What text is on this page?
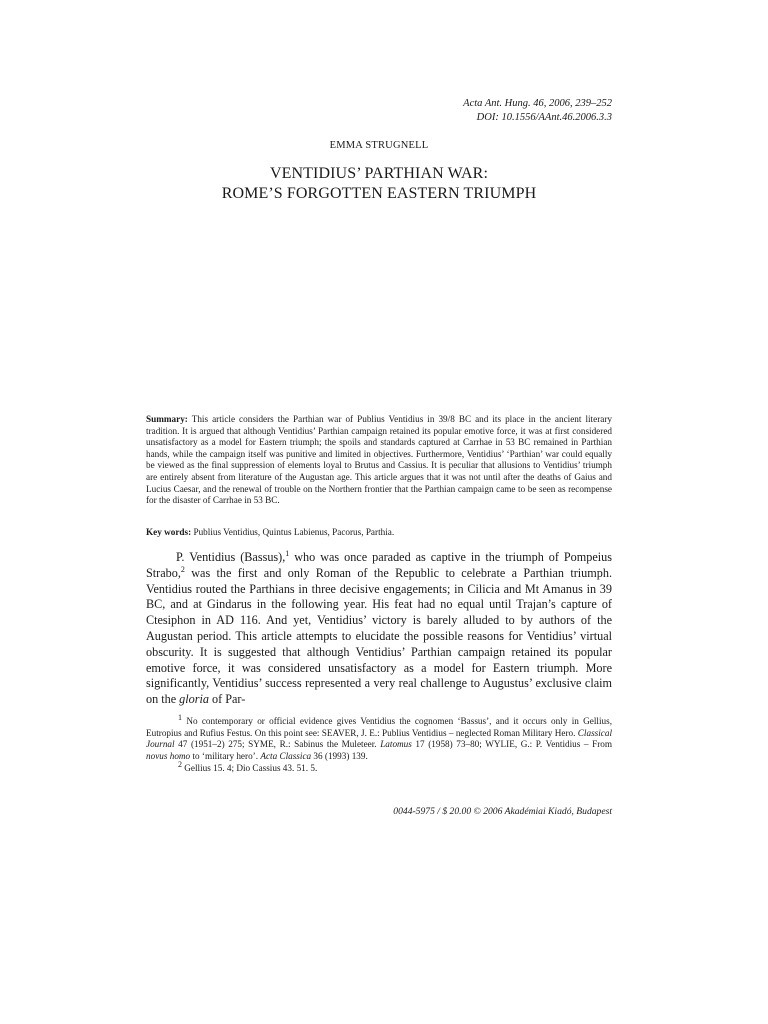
Acta Ant. Hung. 46, 2006, 239–252
DOI: 10.1556/AAnt.46.2006.3.3
EMMA STRUGNELL
VENTIDIUS’ PARTHIAN WAR:
ROME’S FORGOTTEN EASTERN TRIUMPH
Summary: This article considers the Parthian war of Publius Ventidius in 39/8 BC and its place in the ancient literary tradition. It is argued that although Ventidius’ Parthian campaign retained its popular emotive force, it was at first considered unsatisfactory as a model for Eastern triumph; the spoils and standards captured at Carrhae in 53 BC remained in Parthian hands, while the campaign itself was punitive and limited in objectives. Furthermore, Ventidius’ ‘Parthian’ war could equally be viewed as the final suppression of elements loyal to Brutus and Cassius. It is peculiar that allusions to Ventidius’ triumph are entirely absent from literature of the Augustan age. This article argues that it was not until after the deaths of Gaius and Lucius Caesar, and the renewal of trouble on the Northern frontier that the Parthian campaign came to be seen as recompense for the disaster of Carrhae in 53 BC.
Key words: Publius Ventidius, Quintus Labienus, Pacorus, Parthia.

P. Ventidius (Bassus),$^1$ who was once paraded as captive in the triumph of Pompeius Strabo,$^2$ was the first and only Roman of the Republic to celebrate a Parthian triumph. Ventidius routed the Parthians in three decisive engagements; in Cilicia and Mt Amanus in 39 BC, and at Gindarus in the following year. His feat had no equal until Trajan’s capture of Ctesiphon in AD 116. And yet, Ventidius’ victory is barely alluded to by authors of the Augustan period. This article attempts to elucidate the possible reasons for Ventidius’ virtual obscurity. It is suggested that although Ventidius’ Parthian campaign retained its popular emotive force, it was considered unsatisfactory as a model for Eastern triumph. More significantly, Ventidius’ success represented a very real challenge to Augustus’ exclusive claim on the gloria of Par-

$^1$ No contemporary or official evidence gives Ventidius the cognomen ‘Bassus’, and it occurs only in Gellius, Eutropius and Rufius Festus. On this point see: SEAVER, J. E.: Publius Ventidius – neglected Roman Military Hero. Classical Journal 47 (1951–2) 275; SYME, R.: Sabinus the Muleteer. Latomus 17 (1958) 73–80; WYLIE, G.: P. Ventidius – From novus homo to ‘military hero’. Acta Classica 36 (1993) 139.

$^2$ Gellius 15. 4; Dio Cassius 43. 51. 5.

0044-5975 / $ 20.00 © 2006 Akadémiai Kiadó, Budapest
